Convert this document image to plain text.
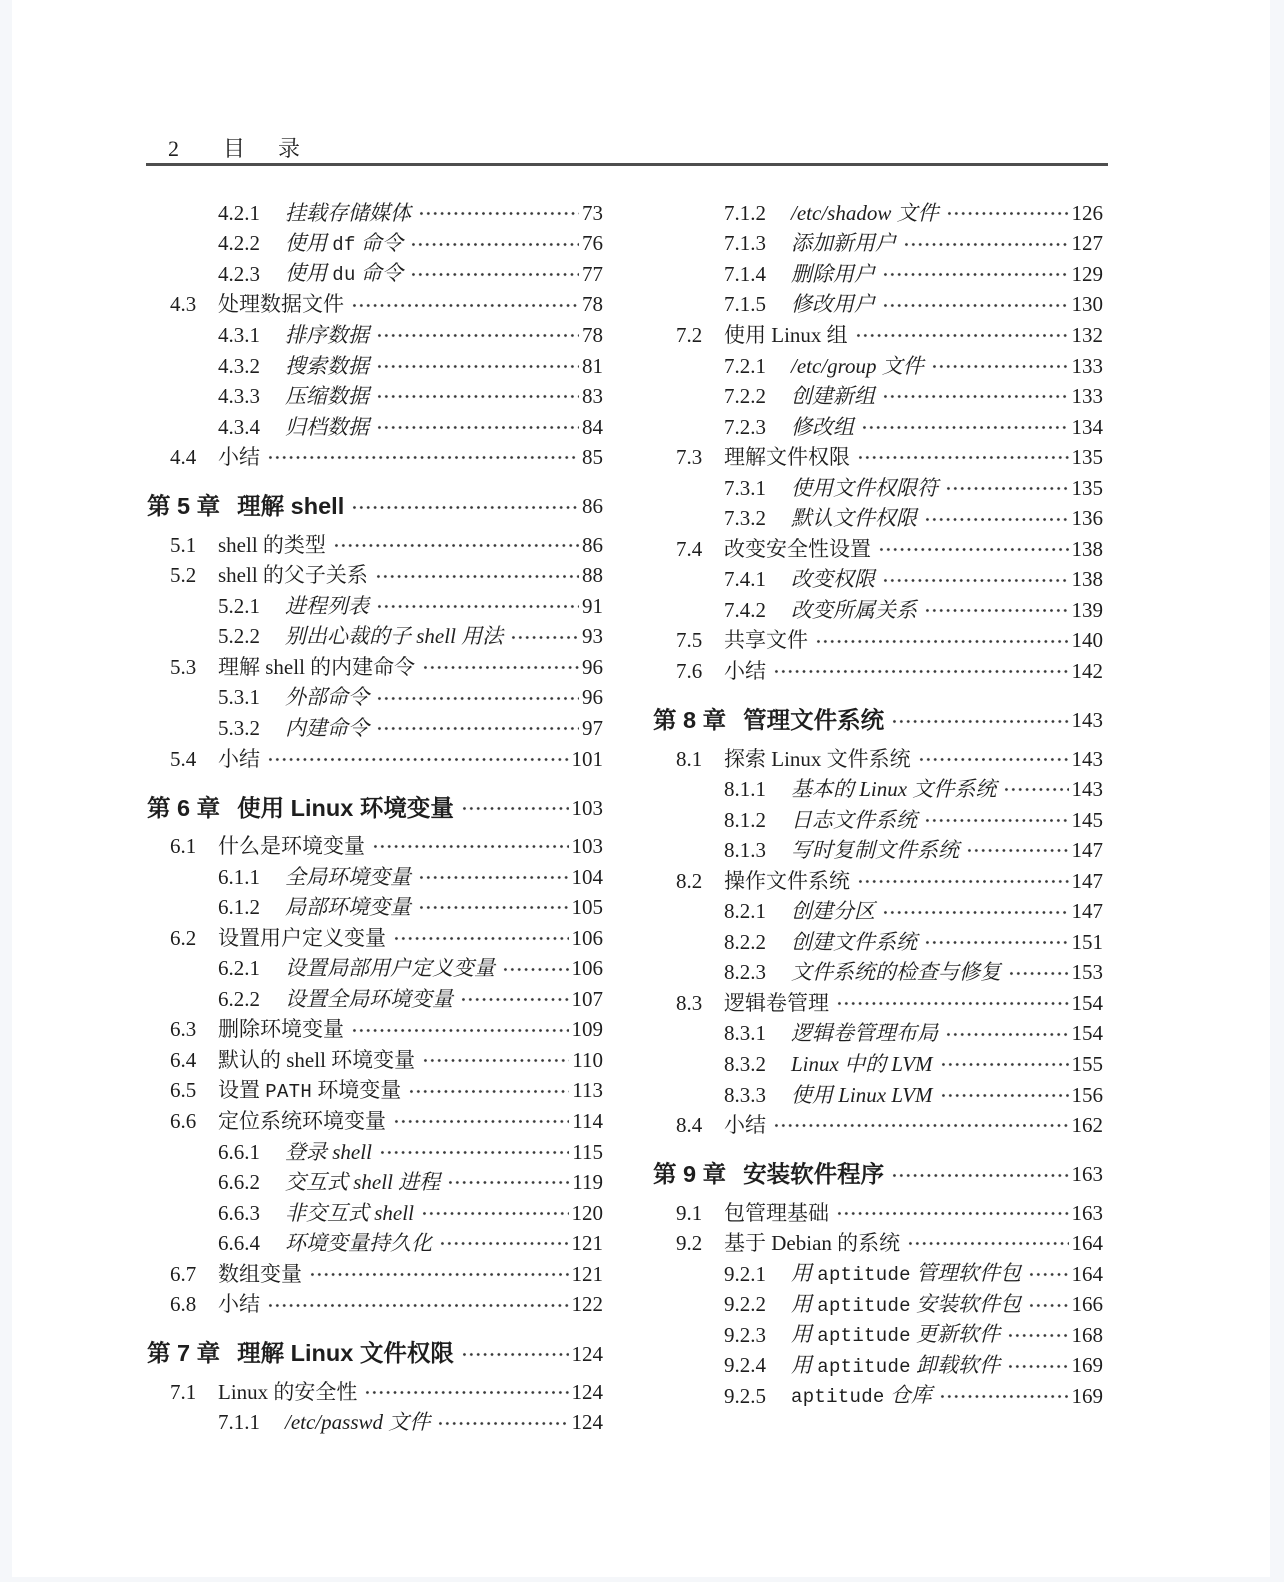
2 目 录
4.2.1	挂载存储媒体	73
4.2.2	使用 df 命令	76
4.2.3	使用 du 命令	77
4.3	处理数据文件	78
4.3.1	排序数据	78
4.3.2	搜索数据	81
4.3.3	压缩数据	83
4.3.4	归档数据	84
4.4	小结	85
第 5 章 理解 shell	86
5.1	shell 的类型	86
5.2	shell 的父子关系	88
5.2.1	进程列表	91
5.2.2	别出心裁的子 shell 用法	93
5.3	理解 shell 的内建命令	96
5.3.1	外部命令	96
5.3.2	内建命令	97
5.4	小结	101
第 6 章 使用 Linux 环境变量	103
6.1	什么是环境变量	103
6.1.1	全局环境变量	104
6.1.2	局部环境变量	105
6.2	设置用户定义变量	106
6.2.1	设置局部用户定义变量	106
6.2.2	设置全局环境变量	107
6.3	删除环境变量	109
6.4	默认的 shell 环境变量	110
6.5	设置 PATH 环境变量	113
6.6	定位系统环境变量	114
6.6.1	登录 shell	115
6.6.2	交互式 shell 进程	119
6.6.3	非交互式 shell	120
6.6.4	环境变量持久化	121
6.7	数组变量	121
6.8	小结	122
第 7 章 理解 Linux 文件权限	124
7.1	Linux 的安全性	124
7.1.1	/etc/passwd 文件	124
7.1.2	/etc/shadow 文件	126
7.1.3	添加新用户	127
7.1.4	删除用户	129
7.1.5	修改用户	130
7.2	使用 Linux 组	132
7.2.1	/etc/group 文件	133
7.2.2	创建新组	133
7.2.3	修改组	134
7.3	理解文件权限	135
7.3.1	使用文件权限符	135
7.3.2	默认文件权限	136
7.4	改变安全性设置	138
7.4.1	改变权限	138
7.4.2	改变所属关系	139
7.5	共享文件	140
7.6	小结	142
第 8 章 管理文件系统	143
8.1	探索 Linux 文件系统	143
8.1.1	基本的 Linux 文件系统	143
8.1.2	日志文件系统	145
8.1.3	写时复制文件系统	147
8.2	操作文件系统	147
8.2.1	创建分区	147
8.2.2	创建文件系统	151
8.2.3	文件系统的检查与修复	153
8.3	逻辑卷管理	154
8.3.1	逻辑卷管理布局	154
8.3.2	Linux 中的 LVM	155
8.3.3	使用 Linux LVM	156
8.4	小结	162
第 9 章 安装软件程序	163
9.1	包管理基础	163
9.2	基于 Debian 的系统	164
9.2.1	用 aptitude 管理软件包 164
9.2.2	用 aptitude 安装软件包 166
9.2.3	用 aptitude 更新软件	168
9.2.4	用 aptitude 卸载软件	169
9.2.5	aptitude 仓库	169
